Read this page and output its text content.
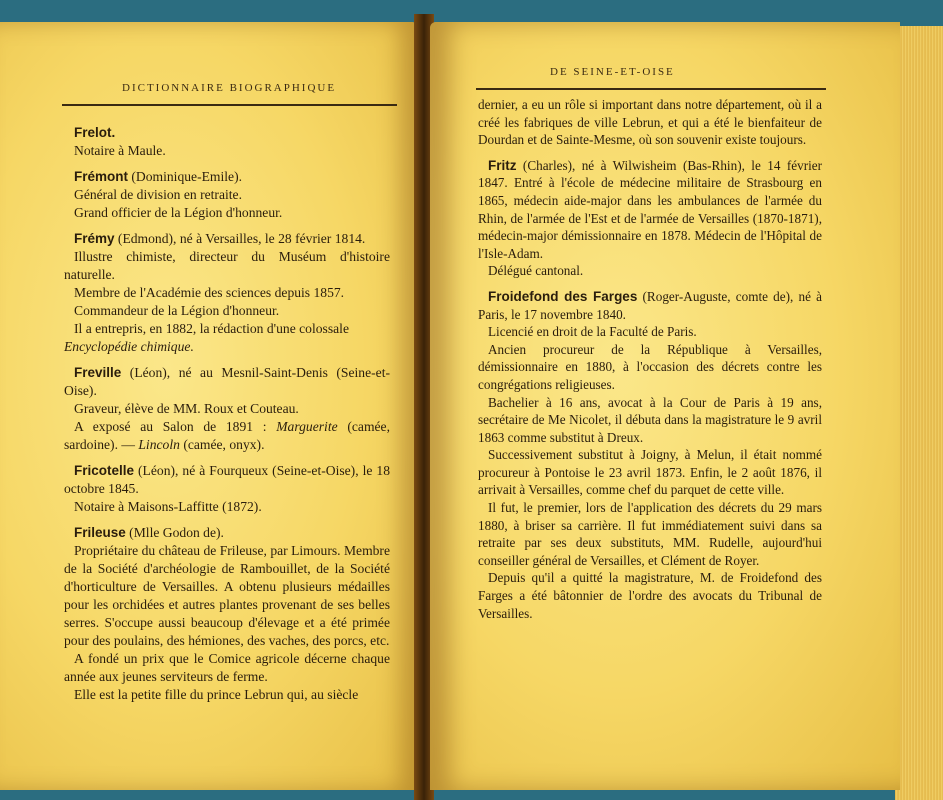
DICTIONNAIRE BIOGRAPHIQUE

Frelot.

Notaire à Maule.

Frémont (Dominique-Emile).

Général de division en retraite.

Grand officier de la Légion d'honneur.

Frémy (Edmond), né à Versailles, le 28 février 1814.

Illustre chimiste, directeur du Muséum d'histoire naturelle.

Membre de l'Académie des sciences depuis 1857.

Commandeur de la Légion d'honneur.

Il a entrepris, en 1882, la rédaction d'une colossale

Encyclopédie chimique.

Freville (Léon), né au Mesnil-Saint-Denis (Seine-et-Oise).

Graveur, élève de MM. Roux et Couteau.

A exposé au Salon de 1891 : Marguerite (camée, sardoine). — Lincoln (camée, onyx).

Fricotelle (Léon), né à Fourqueux (Seine-et-Oise), le 18 octobre 1845.

Notaire à Maisons-Laffitte (1872).

Frileuse (Mlle Godon de).

Propriétaire du château de Frileuse, par Limours. Membre de la Société d'archéologie de Rambouillet, de la Société d'horticulture de Versailles. A obtenu plusieurs médailles pour les orchidées et autres plantes provenant de ses belles serres. S'occupe aussi beaucoup d'élevage et a été primée pour des poulains, des hémiones, des vaches, des porcs, etc.

A fondé un prix que le Comice agricole décerne chaque année aux jeunes serviteurs de ferme.

Elle est la petite fille du prince Lebrun qui, au siècle

DE SEINE-ET-OISE

dernier, a eu un rôle si important dans notre département, où il a créé les fabriques de ville Lebrun, et qui a été le bienfaiteur de Dourdan et de Sainte-Mesme, où son souvenir existe toujours.

Fritz (Charles), né à Wilwisheim (Bas-Rhin), le 14 février 1847. Entré à l'école de médecine militaire de Strasbourg en 1865, médecin aide-major dans les ambulances de l'armée du Rhin, de l'armée de l'Est et de l'armée de Versailles (1870-1871), médecin-major démissionnaire en 1878. Médecin de l'Hôpital de l'Isle-Adam.

Délégué cantonal.

Froidefond des Farges (Roger-Auguste, comte de), né à Paris, le 17 novembre 1840.

Licencié en droit de la Faculté de Paris.

Ancien procureur de la République à Versailles, démissionnaire en 1880, à l'occasion des décrets contre les congrégations religieuses.

Bachelier à 16 ans, avocat à la Cour de Paris à 19 ans, secrétaire de Me Nicolet, il débuta dans la magistrature le 9 avril 1863 comme substitut à Dreux.

Successivement substitut à Joigny, à Melun, il était nommé procureur à Pontoise le 23 avril 1873. Enfin, le 2 août 1876, il arrivait à Versailles, comme chef du parquet de cette ville.

Il fut, le premier, lors de l'application des décrets du 29 mars 1880, à briser sa carrière. Il fut immédiatement suivi dans sa retraite par ses deux substituts, MM. Rudelle, aujourd'hui conseiller général de Versailles, et Clément de Royer.

Depuis qu'il a quitté la magistrature, M. de Froidefond des Farges a été bâtonnier de l'ordre des avocats du Tribunal de Versailles.
